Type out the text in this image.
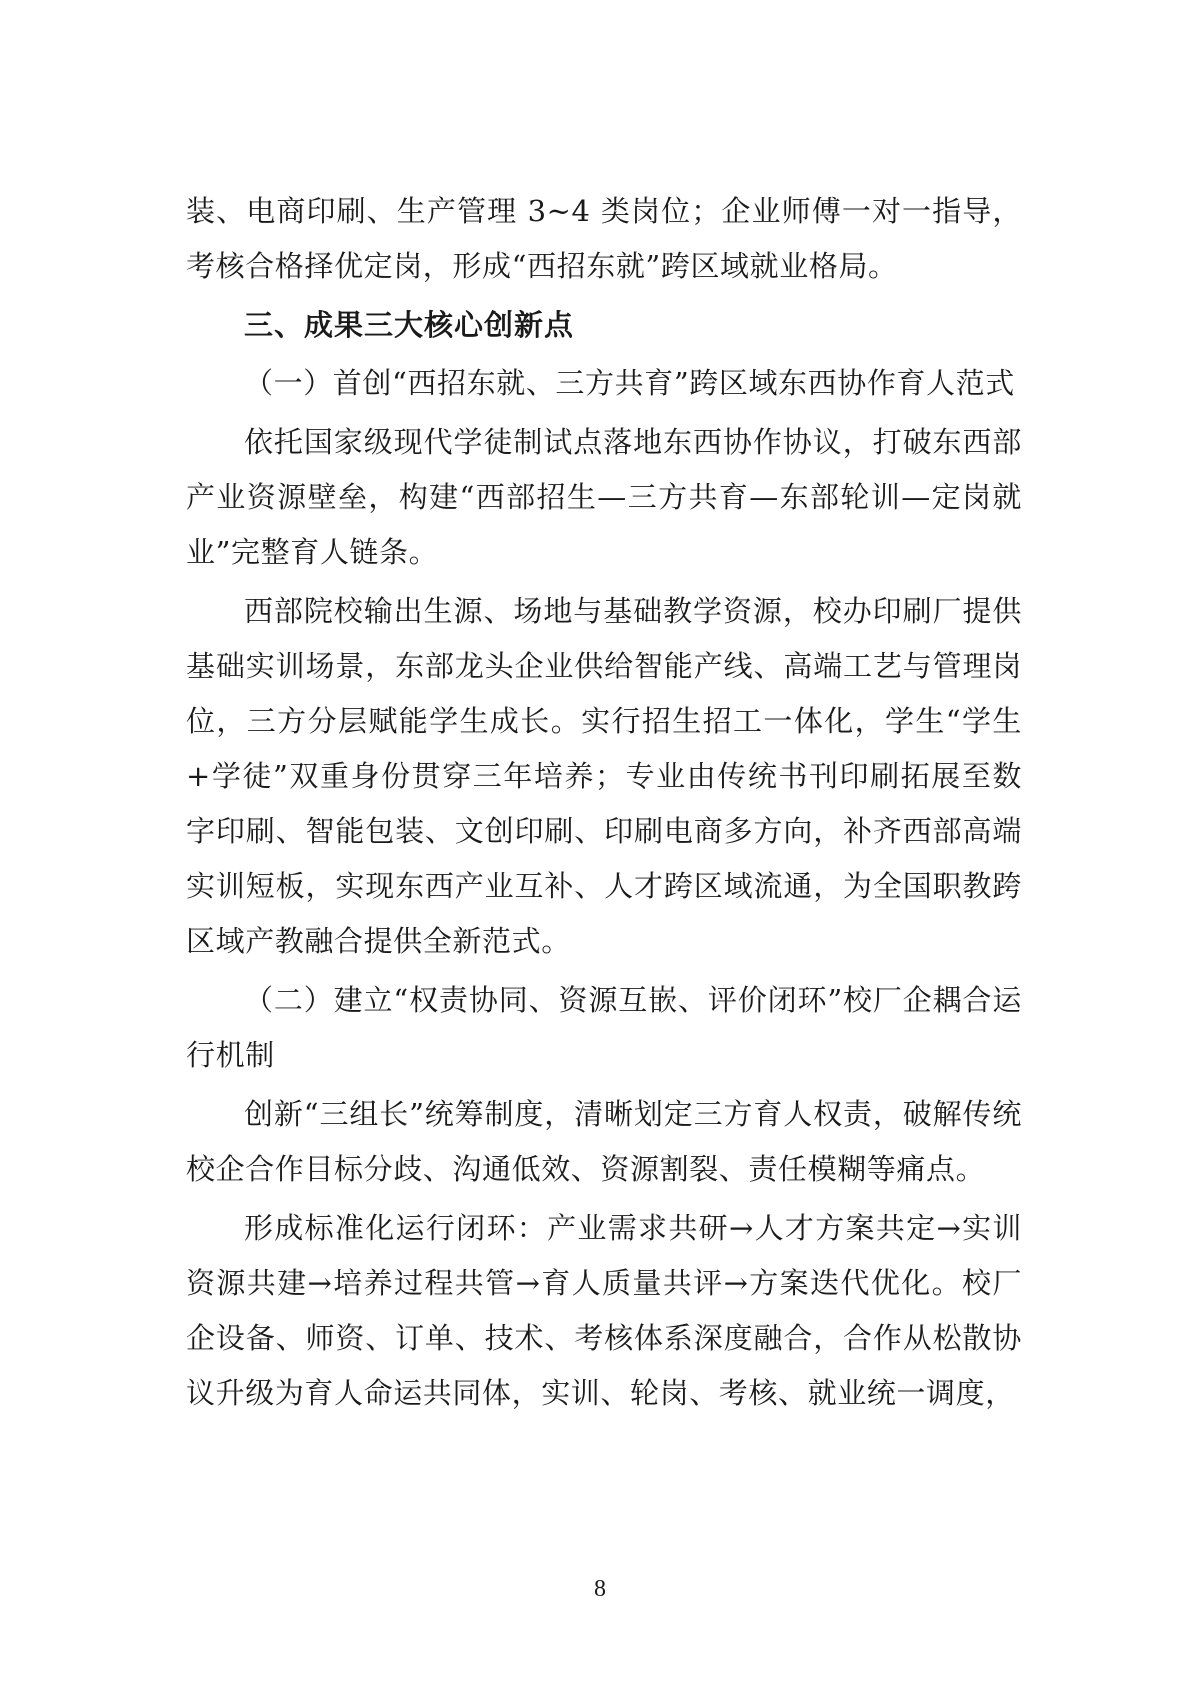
装、电商印刷、生产管理 3~4 类岗位；企业师傅一对一指导，考核合格择优定岗，形成“西招东就”跨区域就业格局。

三、成果三大核心创新点

（一）首创“西招东就、三方共育”跨区域东西协作育人范式

依托国家级现代学徒制试点落地东西协作协议，打破东西部产业资源壁垒，构建“西部招生—三方共育—东部轮训—定岗就业”完整育人链条。

西部院校输出生源、场地与基础教学资源，校办印刷厂提供基础实训场景，东部龙头企业供给智能产线、高端工艺与管理岗位，三方分层赋能学生成长。实行招生招工一体化，学生“学生+学徒”双重身份贯穿三年培养；专业由传统书刊印刷拓展至数字印刷、智能包装、文创印刷、印刷电商多方向，补齐西部高端实训短板，实现东西产业互补、人才跨区域流通，为全国职教跨区域产教融合提供全新范式。

（二）建立“权责协同、资源互嵌、评价闭环”校厂企耦合运行机制

创新“三组长”统筹制度，清晰划定三方育人权责，破解传统校企合作目标分歧、沟通低效、资源割裂、责任模糊等痛点。

形成标准化运行闭环：产业需求共研→人才方案共定→实训资源共建→培养过程共管→育人质量共评→方案迭代优化。校厂企设备、师资、订单、技术、考核体系深度融合，合作从松散协议升级为育人命运共同体，实训、轮岗、考核、就业统一调度，

8
